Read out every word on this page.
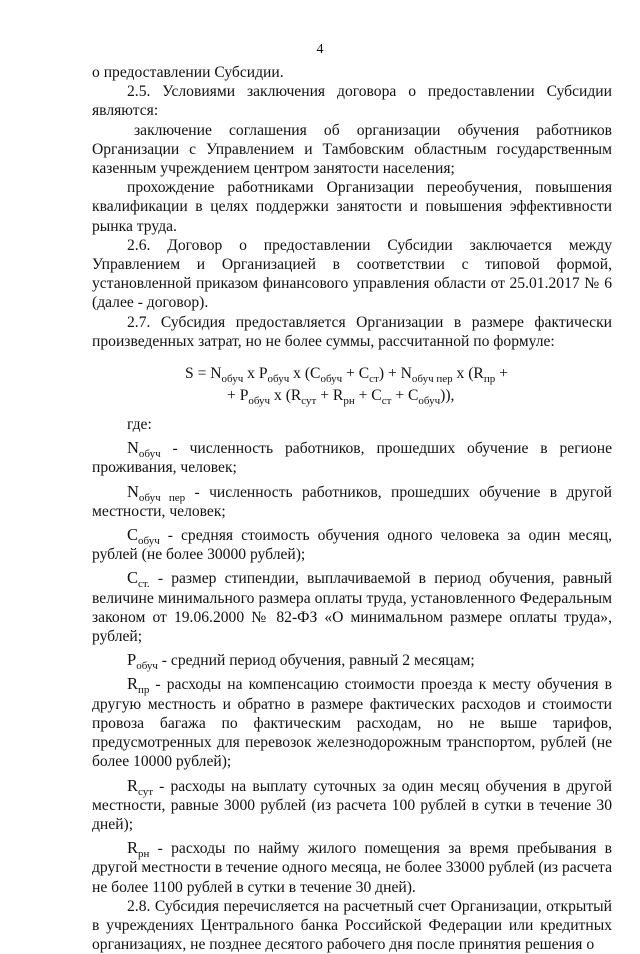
4

о предоставлении Субсидии.

2.5. Условиями заключения договора о предоставлении Субсидии являются:

заключение соглашения об организации обучения работников Организации с Управлением и Тамбовским областным государственным казенным учреждением центром занятости населения;

прохождение работниками Организации переобучения, повышения квалификации в целях поддержки занятости и повышения эффективности рынка труда.

2.6. Договор о предоставлении Субсидии заключается между Управлением и Организацией в соответствии с типовой формой, установленной приказом финансового управления области от 25.01.2017 № 6 (далее - договор).

2.7. Субсидия предоставляется Организации в размере фактически произведенных затрат, но не более суммы, рассчитанной по формуле:

$S = N_{обуч}$ x $P_{обуч}$ x $(C_{обуч} + C_{ст}) + N_{обуч пер}$ x ($R_{пр}$ +
+ $P_{обуч}$ x $(R_{сут} + R_{рн} + C_{ст} + C_{обуч})$),

где:

$N_{обуч}$ - численность работников, прошедших обучение в регионе проживания, человек;

$N_{обуч пер}$ - численность работников, прошедших обучение в другой местности, человек;

$C_{обуч}$ - средняя стоимость обучения одного человека за один месяц, рублей (не более 30000 рублей);

$C_{ст.}$ - размер стипендии, выплачиваемой в период обучения, равный величине минимального размера оплаты труда, установленного Федеральным законом от 19.06.2000 № 82-ФЗ «О минимальном размере оплаты труда», рублей;

$P_{обуч}$ - средний период обучения, равный 2 месяцам;

$R_{пр}$ - расходы на компенсацию стоимости проезда к месту обучения в другую местность и обратно в размере фактических расходов и стоимости провоза багажа по фактическим расходам, но не выше тарифов, предусмотренных для перевозок железнодорожным транспортом, рублей (не более 10000 рублей);

$R_{сут}$ - расходы на выплату суточных за один месяц обучения в другой местности, равные 3000 рублей (из расчета 100 рублей в сутки в течение 30 дней);

$R_{рн}$ - расходы по найму жилого помещения за время пребывания в другой местности в течение одного месяца, не более 33000 рублей (из расчета не более 1100 рублей в сутки в течение 30 дней).

2.8. Субсидия перечисляется на расчетный счет Организации, открытый в учреждениях Центрального банка Российской Федерации или кредитных организациях, не позднее десятого рабочего дня после принятия решения о
